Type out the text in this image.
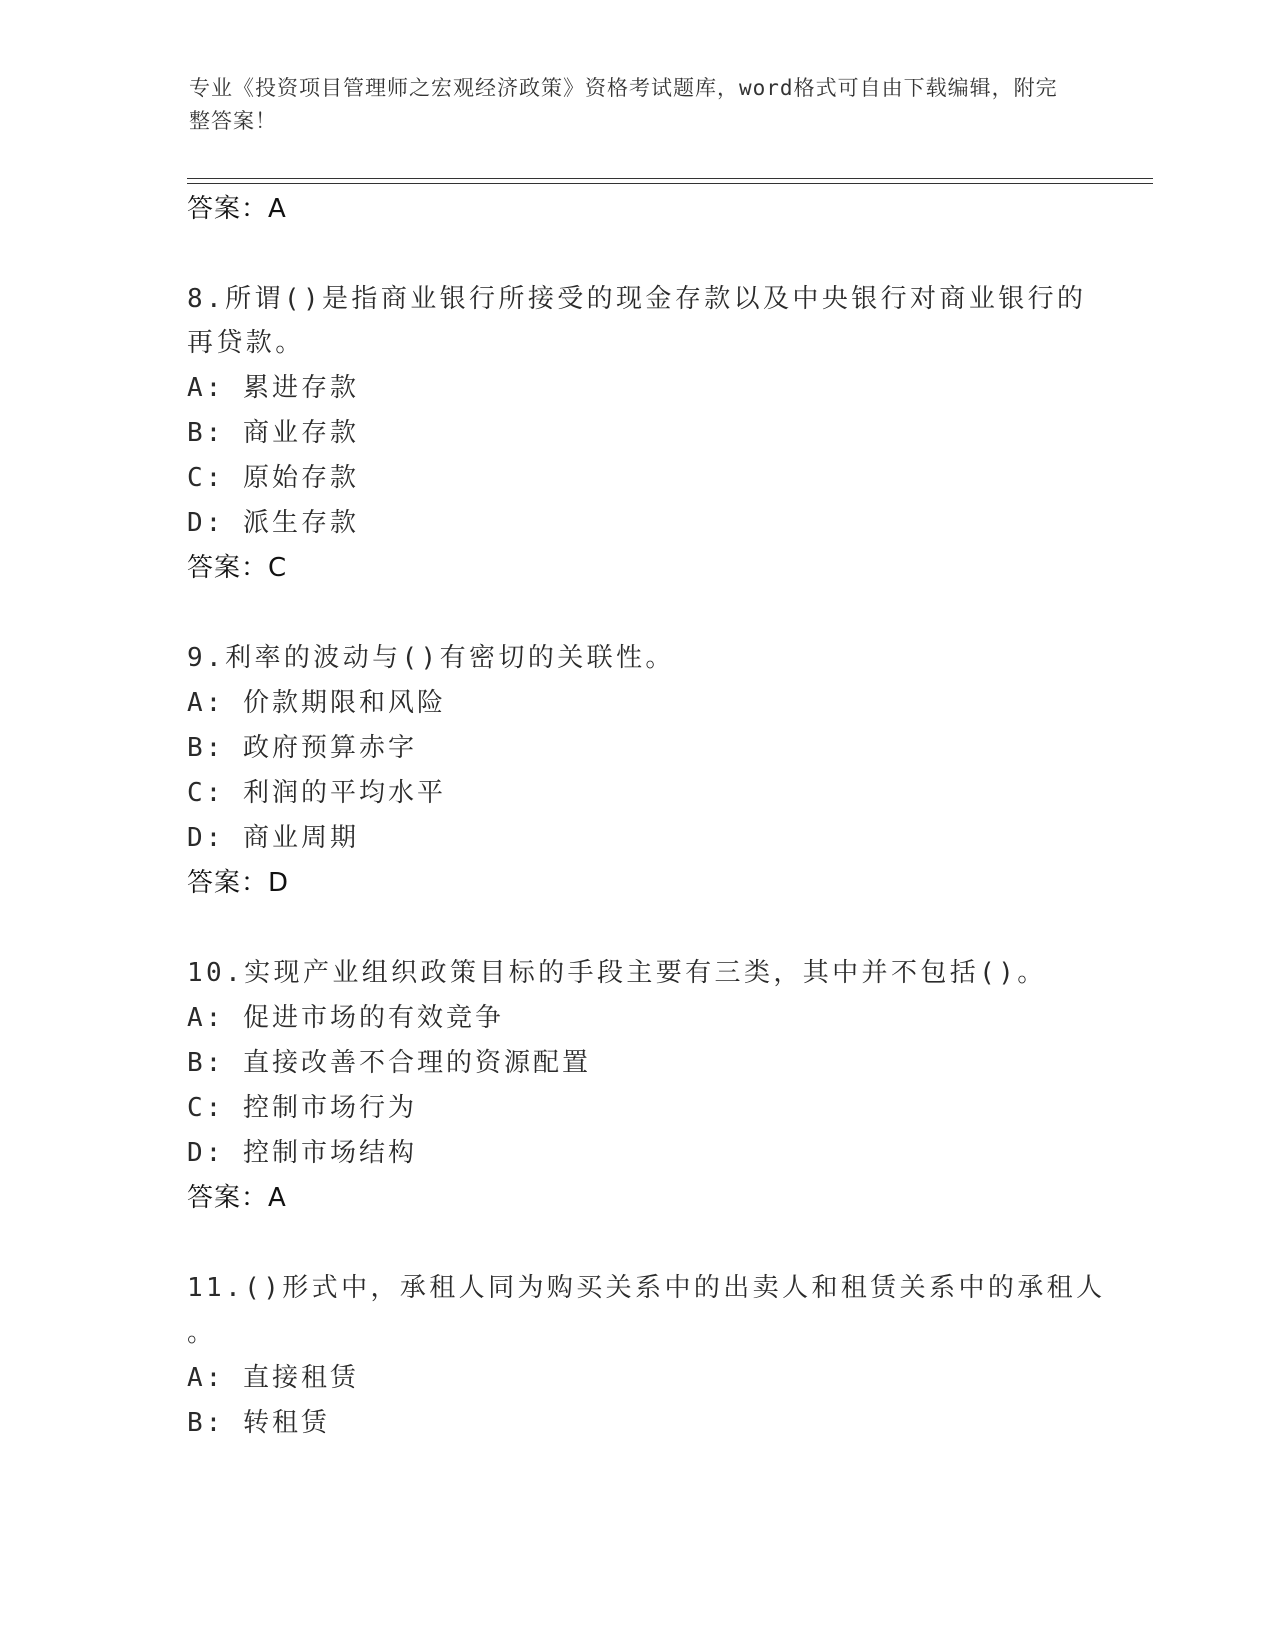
专业《投资项目管理师之宏观经济政策》资格考试题库，word格式可自由下载编辑，附完整答案！
答案：A
8.所谓()是指商业银行所接受的现金存款以及中央银行对商业银行的
再贷款。
A: 累进存款
B: 商业存款
C: 原始存款
D: 派生存款
答案：C
9.利率的波动与()有密切的关联性。
A: 价款期限和风险
B: 政府预算赤字
C: 利润的平均水平
D: 商业周期
答案：D
10.实现产业组织政策目标的手段主要有三类，其中并不包括()。
A: 促进市场的有效竞争
B: 直接改善不合理的资源配置
C: 控制市场行为
D: 控制市场结构
答案：A
11.()形式中，承租人同为购买关系中的出卖人和租赁关系中的承租人
。
A: 直接租赁
B: 转租赁
